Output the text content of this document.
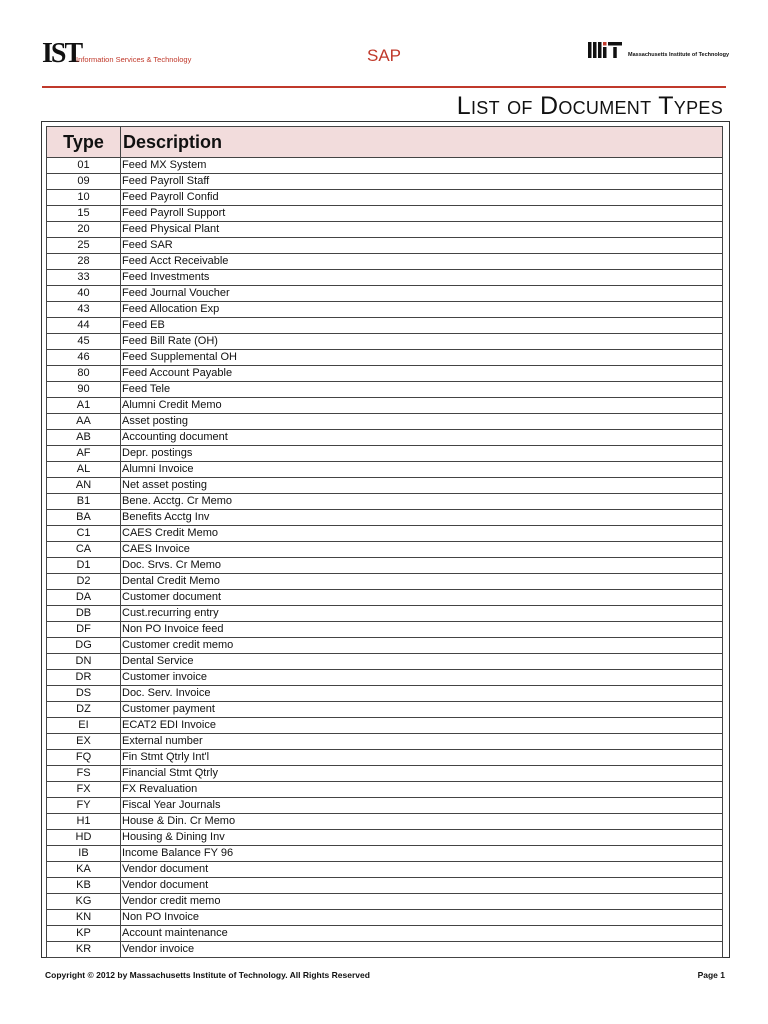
IST
Information Services & Technology	SAP	Massachusetts Institute of Technology
List of Document Types
Type	Description
01	Feed MX System
09	Feed Payroll Staff
10	Feed Payroll Confid
15	Feed Payroll Support
20	Feed Physical Plant
25	Feed SAR
28	Feed Acct Receivable
33	Feed Investments
40	Feed Journal Voucher
43	Feed Allocation Exp
44	Feed EB
45	Feed Bill Rate (OH)
46	Feed Supplemental OH
80	Feed Account Payable
90	Feed Tele
A1	Alumni Credit Memo
AA	Asset posting
AB	Accounting document
AF	Depr. postings
AL	Alumni Invoice
AN	Net asset posting
B1	Bene. Acctg. Cr Memo
BA	Benefits Acctg Inv
C1	CAES Credit Memo
CA	CAES Invoice
D1	Doc. Srvs. Cr Memo
D2	Dental Credit Memo
DA	Customer document
DB	Cust.recurring entry
DF	Non PO Invoice feed
DG	Customer credit memo
DN	Dental Service
DR	Customer invoice
DS	Doc. Serv. Invoice
DZ	Customer payment
EI	ECAT2 EDI Invoice
EX	External number
FQ	Fin Stmt Qtrly Int'l
FS	Financial Stmt Qtrly
FX	FX Revaluation
FY	Fiscal Year Journals
H1	House & Din. Cr Memo
HD	Housing & Dining Inv
IB	Income Balance FY 96
KA	Vendor document
KB	Vendor document
KG	Vendor credit memo
KN	Non PO Invoice
KP	Account maintenance
KR	Vendor invoice
Copyright © 2012 by Massachusetts Institute of Technology. All Rights Reserved	Page 1
